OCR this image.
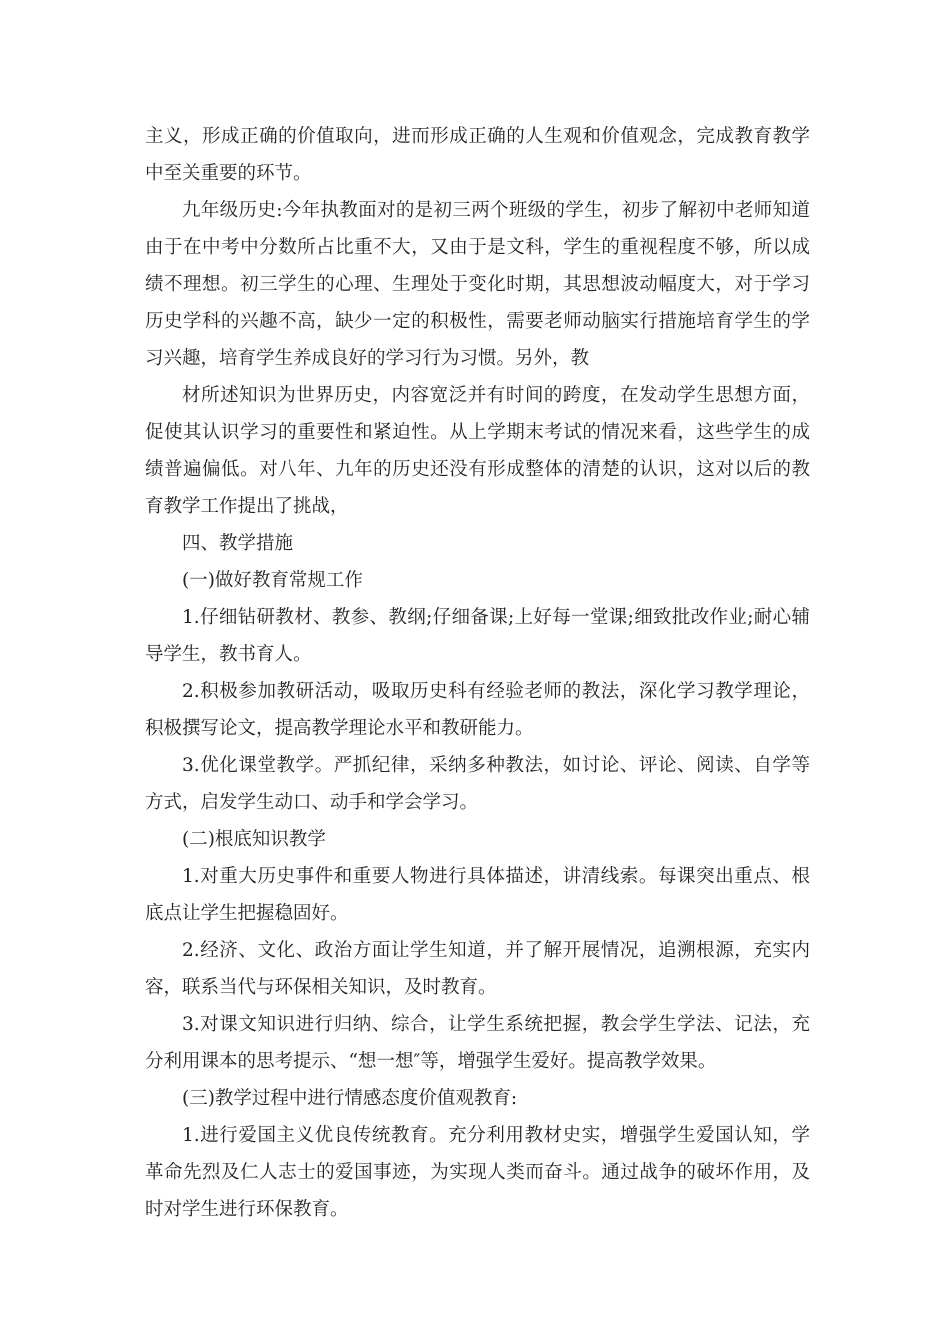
主义，形成正确的价值取向，进而形成正确的人生观和价值观念，完成教育教学中至关重要的环节。

九年级历史:今年执教面对的是初三两个班级的学生，初步了解初中老师知道由于在中考中分数所占比重不大，又由于是文科，学生的重视程度不够，所以成绩不理想。初三学生的心理、生理处于变化时期，其思想波动幅度大，对于学习历史学科的兴趣不高，缺少一定的积极性，需要老师动脑实行措施培育学生的学习兴趣，培育学生养成良好的学习行为习惯。另外，教

材所述知识为世界历史，内容宽泛并有时间的跨度，在发动学生思想方面，促使其认识学习的重要性和紧迫性。从上学期末考试的情况来看，这些学生的成绩普遍偏低。对八年、九年的历史还没有形成整体的清楚的认识，这对以后的教育教学工作提出了挑战，

四、教学措施

(一)做好教育常规工作

1.仔细钻研教材、教参、教纲;仔细备课;上好每一堂课;细致批改作业;耐心辅导学生，教书育人。

2.积极参加教研活动，吸取历史科有经验老师的教法，深化学习教学理论，积极撰写论文，提高教学理论水平和教研能力。

3.优化课堂教学。严抓纪律，采纳多种教法，如讨论、评论、阅读、自学等方式，启发学生动口、动手和学会学习。

(二)根底知识教学

1.对重大历史事件和重要人物进行具体描述，讲清线索。每课突出重点、根底点让学生把握稳固好。

2.经济、文化、政治方面让学生知道，并了解开展情况，追溯根源，充实内容，联系当代与环保相关知识，及时教育。

3.对课文知识进行归纳、综合，让学生系统把握，教会学生学法、记法，充分利用课本的思考提示、“想一想″等，增强学生爱好。提高教学效果。

(三)教学过程中进行情感态度价值观教育:

1.进行爱国主义优良传统教育。充分利用教材史实，增强学生爱国认知，学革命先烈及仁人志士的爱国事迹，为实现人类而奋斗。通过战争的破坏作用，及时对学生进行环保教育。
